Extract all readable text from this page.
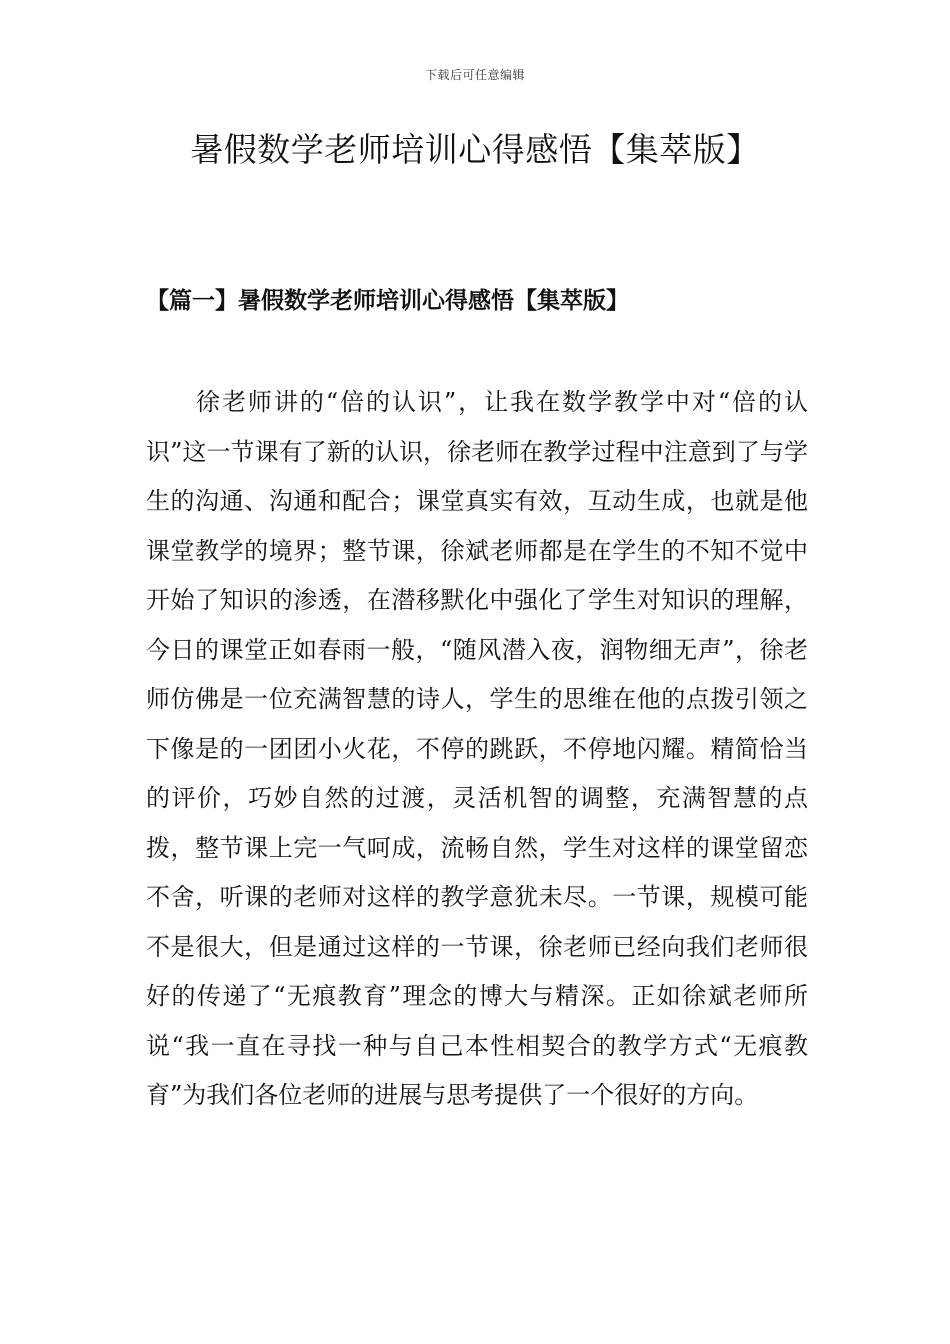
下载后可任意编辑
暑假数学老师培训心得感悟【集萃版】
【篇一】暑假数学老师培训心得感悟【集萃版】

徐老师讲的“倍的认识”，让我在数学教学中对“倍的认识”这一节课有了新的认识，徐老师在教学过程中注意到了与学生的沟通、沟通和配合；课堂真实有效，互动生成，也就是他课堂教学的境界；整节课，徐斌老师都是在学生的不知不觉中开始了知识的渗透，在潜移默化中强化了学生对知识的理解，今日的课堂正如春雨一般，“随风潜入夜，润物细无声”，徐老师仿佛是一位充满智慧的诗人，学生的思维在他的点拨引领之下像是的一团团小火花，不停的跳跃，不停地闪耀。精简恰当的评价，巧妙自然的过渡，灵活机智的调整，充满智慧的点拨，整节课上完一气呵成，流畅自然，学生对这样的课堂留恋不舍，听课的老师对这样的教学意犹未尽。一节课，规模可能不是很大，但是通过这样的一节课，徐老师已经向我们老师很好的传递了“无痕教育”理念的博大与精深。正如徐斌老师所说“我一直在寻找一种与自己本性相契合的教学方式“无痕教育”为我们各位老师的进展与思考提供了一个很好的方向。
